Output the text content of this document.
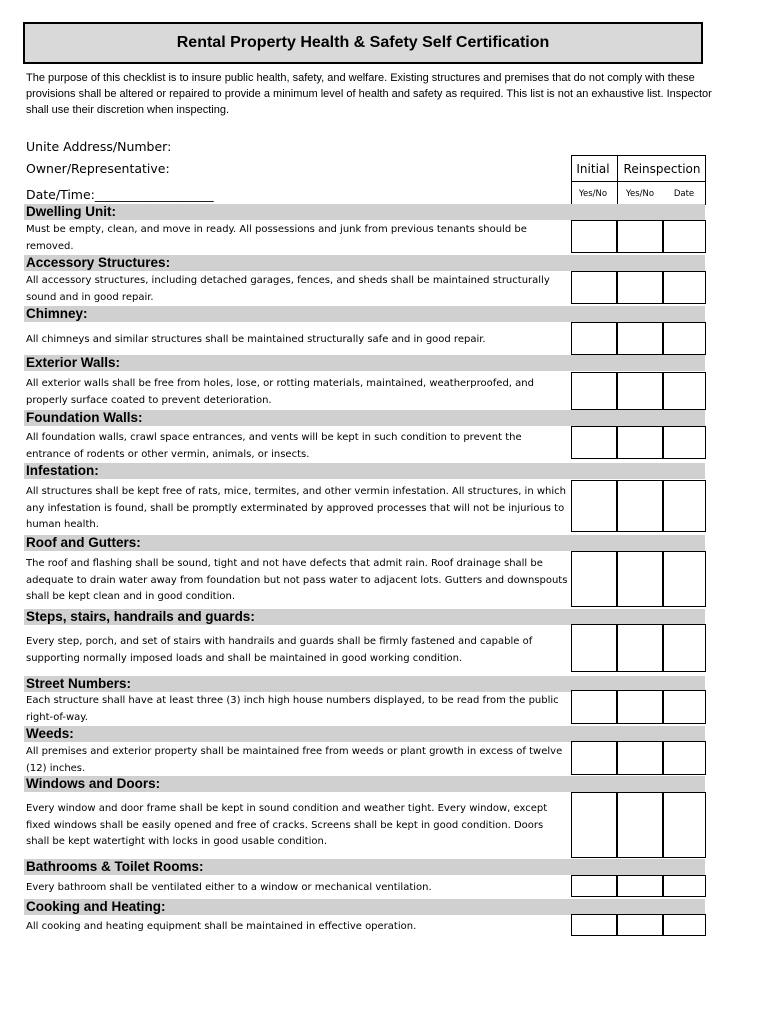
Rental Property Health & Safety Self Certification
The purpose of this checklist is to insure public health, safety, and welfare. Existing structures and premises that do not comply with these provisions shall be altered or repaired to provide a minimum level of health and safety as required. This list is not an exhaustive list. Inspector shall use their discretion when inspecting.
Unite Address/Number:
Owner/Representative:
Date/Time:___________________
Initial	Reinspection
Yes/No	Yes/No	Date
Dwelling Unit:
Must be empty, clean, and move in ready. All possessions and junk from previous tenants should be removed.
Accessory Structures:
All accessory structures, including detached garages, fences, and sheds shall be maintained structurally sound and in good repair.
Chimney:
All chimneys and similar structures shall be maintained structurally safe and in good repair.
Exterior Walls:
All exterior walls shall be free from holes, lose, or rotting materials, maintained, weatherproofed, and properly surface coated to prevent deterioration.
Foundation Walls:
All foundation walls, crawl space entrances, and vents will be kept in such condition to prevent the entrance of rodents or other vermin, animals, or insects.
Infestation:
All structures shall be kept free of rats, mice, termites, and other vermin infestation. All structures, in which any infestation is found, shall be promptly exterminated by approved processes that will not be injurious to human health.
Roof and Gutters:
The roof and flashing shall be sound, tight and not have defects that admit rain. Roof drainage shall be adequate to drain water away from foundation but not pass water to adjacent lots. Gutters and downspouts shall be kept clean and in good condition.
Steps, stairs, handrails and guards:
Every step, porch, and set of stairs with handrails and guards shall be firmly fastened and capable of supporting normally imposed loads and shall be maintained in good working condition.
Street Numbers:
Each structure shall have at least three (3) inch high house numbers displayed, to be read from the public right-of-way.
Weeds:
All premises and exterior property shall be maintained free from weeds or plant growth in excess of twelve (12) inches.
Windows and Doors:
Every window and door frame shall be kept in sound condition and weather tight. Every window, except fixed windows shall be easily opened and free of cracks. Screens shall be kept in good condition. Doors shall be kept watertight with locks in good usable condition.
Bathrooms & Toilet Rooms:
Every bathroom shall be ventilated either to a window or mechanical ventilation.
Cooking and Heating:
All cooking and heating equipment shall be maintained in effective operation.
